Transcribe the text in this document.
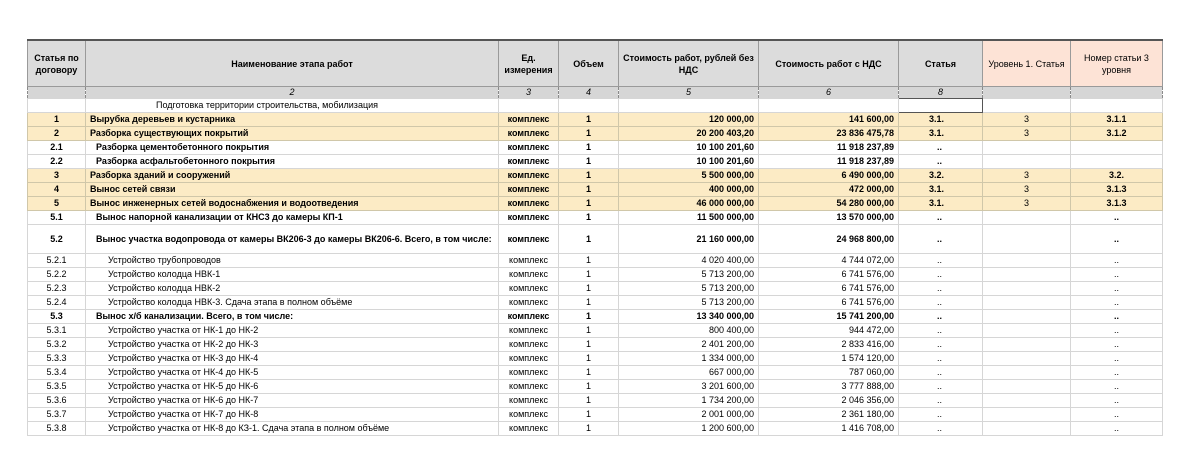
Статья по договору	Наименование этапа работ	Ед. измерения	Объем	Стоимость работ, рублей без НДС	Стоимость работ с НДС	Статья	Уровень 1. Статья	Номер статьи 3 уровня
	2	3	4	5	6	8		
	Подготовка территории строительства, мобилизация							
1	Вырубка деревьев и кустарника	комплекс	1	120 000,00	141 600,00	3.1.	3	3.1.1
2	Разборка существующих покрытий	комплекс	1	20 200 403,20	23 836 475,78	3.1.	3	3.1.2
2.1	Разборка цементобетонного покрытия	комплекс	1	10 100 201,60	11 918 237,89	..		
2.2	Разборка асфальтобетонного покрытия	комплекс	1	10 100 201,60	11 918 237,89	..		
3	Разборка зданий и сооружений	комплекс	1	5 500 000,00	6 490 000,00	3.2.	3	3.2.
4	Вынос сетей связи	комплекс	1	400 000,00	472 000,00	3.1.	3	3.1.3
5	Вынос инженерных сетей водоснабжения и водоотведения	комплекс	1	46 000 000,00	54 280 000,00	3.1.	3	3.1.3
5.1	Вынос напорной канализации от КНС3 до камеры КП-1	комплекс	1	11 500 000,00	13 570 000,00	..		..
5.2	Вынос участка водопровода от камеры ВК206-3 до камеры ВК206-6. Всего, в том числе:	комплекс	1	21 160 000,00	24 968 800,00	..		..
5.2.1	Устройство трубопроводов	комплекс	1	4 020 400,00	4 744 072,00	..		..
5.2.2	Устройство колодца НВК-1	комплекс	1	5 713 200,00	6 741 576,00	..		..
5.2.3	Устройство колодца НВК-2	комплекс	1	5 713 200,00	6 741 576,00	..		..
5.2.4	Устройство колодца НВК-3. Сдача этапа в полном объёме	комплекс	1	5 713 200,00	6 741 576,00	..		..
5.3	Вынос х/б канализации. Всего, в том числе:	комплекс	1	13 340 000,00	15 741 200,00	..		..
5.3.1	Устройство участка от НК-1 до НК-2	комплекс	1	800 400,00	944 472,00	..		..
5.3.2	Устройство участка от НК-2 до НК-3	комплекс	1	2 401 200,00	2 833 416,00	..		..
5.3.3	Устройство участка от НК-3 до НК-4	комплекс	1	1 334 000,00	1 574 120,00	..		..
5.3.4	Устройство участка от НК-4 до НК-5	комплекс	1	667 000,00	787 060,00	..		..
5.3.5	Устройство участка от НК-5 до НК-6	комплекс	1	3 201 600,00	3 777 888,00	..		..
5.3.6	Устройство участка от НК-6 до НК-7	комплекс	1	1 734 200,00	2 046 356,00	..		..
5.3.7	Устройство участка от НК-7 до НК-8	комплекс	1	2 001 000,00	2 361 180,00	..		..
5.3.8	Устройство участка от НК-8 до КЗ-1. Сдача этапа в полном объёме	комплекс	1	1 200 600,00	1 416 708,00	..		..
